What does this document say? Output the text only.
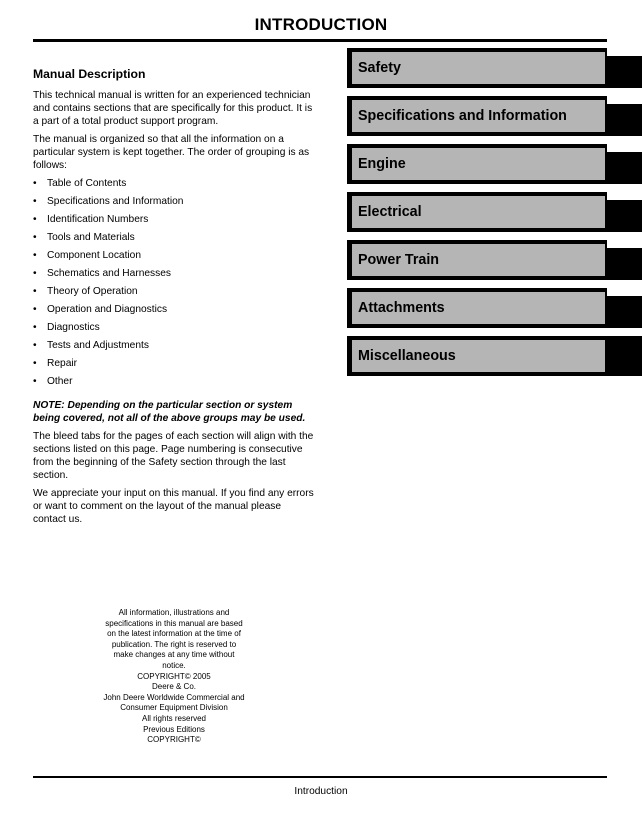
INTRODUCTION
Manual Description

This technical manual is written for an experienced technician and contains sections that are specifically for this product. It is a part of a total product support program.

The manual is organized so that all the information on a particular system is kept together. The order of grouping is as follows:

• Table of Contents
• Specifications and Information
• Identification Numbers
• Tools and Materials
• Component Location
• Schematics and Harnesses
• Theory of Operation
• Operation and Diagnostics
• Diagnostics
• Tests and Adjustments
• Repair
• Other

NOTE: Depending on the particular section or system being covered, not all of the above groups may be used.

The bleed tabs for the pages of each section will align with the sections listed on this page. Page numbering is consecutive from the beginning of the Safety section through the last section.

We appreciate your input on this manual. If you find any errors or want to comment on the layout of the manual please contact us.

All information, illustrations and
specifications in this manual are based
on the latest information at the time of
publication. The right is reserved to
make changes at any time without
notice.
COPYRIGHT© 2005
Deere & Co.
John Deere Worldwide Commercial and
Consumer Equipment Division
All rights reserved
Previous Editions
COPYRIGHT©
Safety
Specifications and Information
Engine
Electrical
Power Train
Attachments
Miscellaneous
Introduction
